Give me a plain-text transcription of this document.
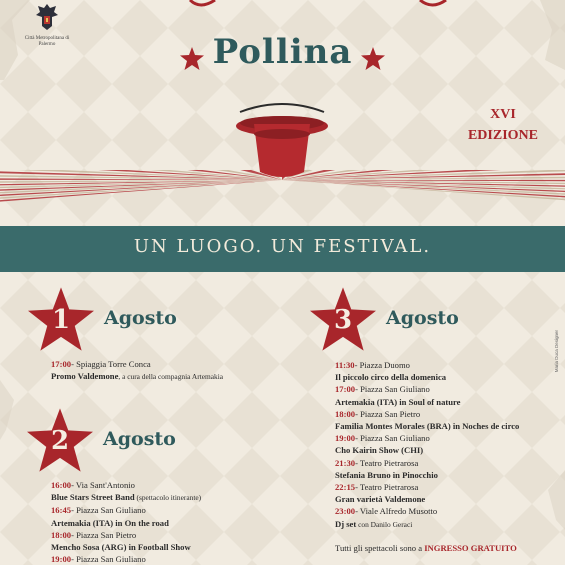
Città Metropolitana di Palermo	Pollina
XVI
EDIZIONE
UN LUOGO. UN FESTIVAL.
1	Agosto
17:00- Spiaggia Torre Conca
Promo Valdemone, a cura della compagnia Artemakia
2	Agosto
16:00- Via Sant'Antonio
Blue Stars Street Band (spettacolo itinerante)
16:45- Piazza San Giuliano
Artemakia (ITA) in On the road
18:00- Piazza San Pietro
Mencho Sosa (ARG) in Football Show
19:00- Piazza San Giuliano
3	Agosto
11:30- Piazza Duomo
Il piccolo circo della domenica
17:00- Piazza San Giuliano
Artemakia (ITA) in Soul of nature
18:00- Piazza San Pietro
Familia Montes Morales (BRA) in Noches de circo
19:00- Piazza San Giuliano
Cho Kairin Show (CHI)
21:30- Teatro Pietrarosa
Stefania Bruno in Pinocchio
22:15- Teatro Pietrarosa
Gran varietà Valdemone
23:00- Viale Alfredo Musotto
Dj set con Danilo Geraci
Tutti gli spettacoli sono a INGRESSO GRATUITO
Maria Duca Designer
